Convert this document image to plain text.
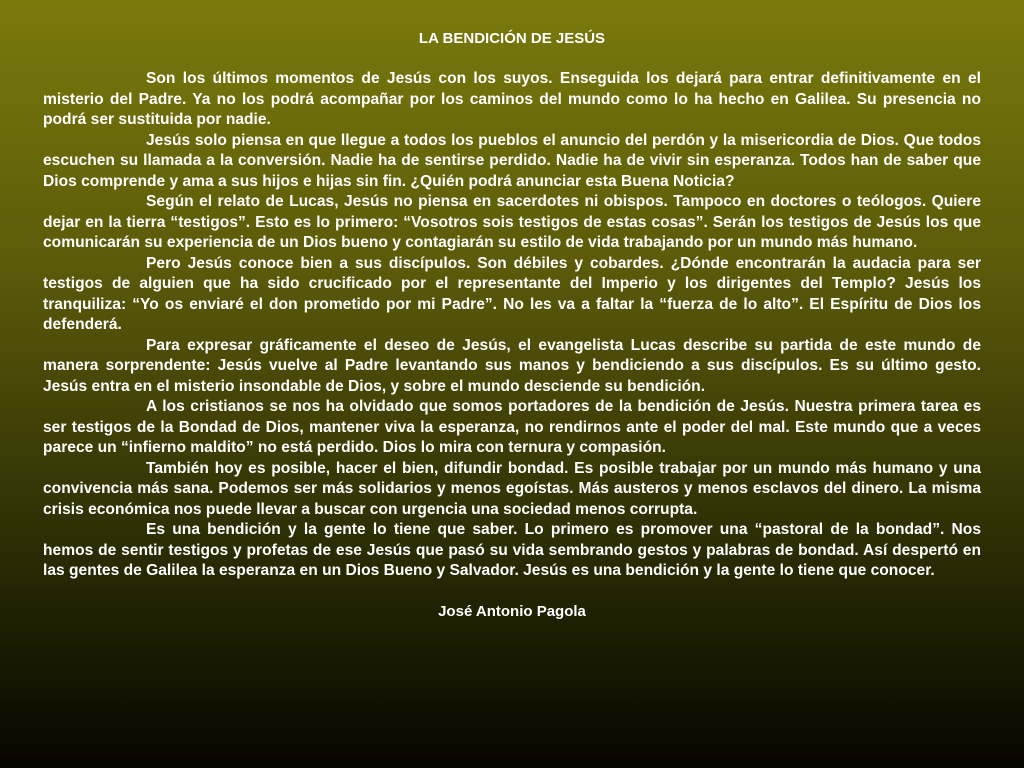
LA BENDICIÓN DE JESÚS

Son los últimos momentos de Jesús con los suyos. Enseguida los dejará para entrar definitivamente en el misterio del Padre. Ya no los podrá acompañar por los caminos del mundo como lo ha hecho en Galilea. Su presencia no podrá ser sustituida por nadie.

Jesús solo piensa en que llegue a todos los pueblos el anuncio del perdón y la misericordia de Dios. Que todos escuchen su llamada a la conversión. Nadie ha de sentirse perdido. Nadie ha de vivir sin esperanza. Todos han de saber que Dios comprende y ama a sus hijos e hijas sin fin. ¿Quién podrá anunciar esta Buena Noticia?

Según el relato de Lucas, Jesús no piensa en sacerdotes ni obispos. Tampoco en doctores o teólogos. Quiere dejar en la tierra “testigos”. Esto es lo primero: “Vosotros sois testigos de estas cosas”. Serán los testigos de Jesús los que comunicarán su experiencia de un Dios bueno y contagiarán su estilo de vida trabajando por un mundo más humano.

Pero Jesús conoce bien a sus discípulos. Son débiles y cobardes. ¿Dónde encontrarán la audacia para ser testigos de alguien que ha sido crucificado por el representante del Imperio y los dirigentes del Templo? Jesús los tranquiliza: “Yo os enviaré el don prometido por mi Padre”. No les va a faltar la “fuerza de lo alto”. El Espíritu de Dios los defenderá.

Para expresar gráficamente el deseo de Jesús, el evangelista Lucas describe su partida de este mundo de manera sorprendente: Jesús vuelve al Padre levantando sus manos y bendiciendo a sus discípulos. Es su último gesto. Jesús entra en el misterio insondable de Dios, y sobre el mundo desciende su bendición.

A los cristianos se nos ha olvidado que somos portadores de la bendición de Jesús. Nuestra primera tarea es ser testigos de la Bondad de Dios, mantener viva la esperanza, no rendirnos ante el poder del mal. Este mundo que a veces parece un “infierno maldito” no está perdido. Dios lo mira con ternura y compasión.

También hoy es posible, hacer el bien, difundir bondad. Es posible trabajar por un mundo más humano y una convivencia más sana. Podemos ser más solidarios y menos egoístas. Más austeros y menos esclavos del dinero. La misma crisis económica nos puede llevar a buscar con urgencia una sociedad menos corrupta.

Es una bendición y la gente lo tiene que saber. Lo primero es promover una “pastoral de la bondad”. Nos hemos de sentir testigos y profetas de ese Jesús que pasó su vida sembrando gestos y palabras de bondad. Así despertó en las gentes de Galilea la esperanza en un Dios Bueno y Salvador. Jesús es una bendición y la gente lo tiene que conocer.

José Antonio Pagola
